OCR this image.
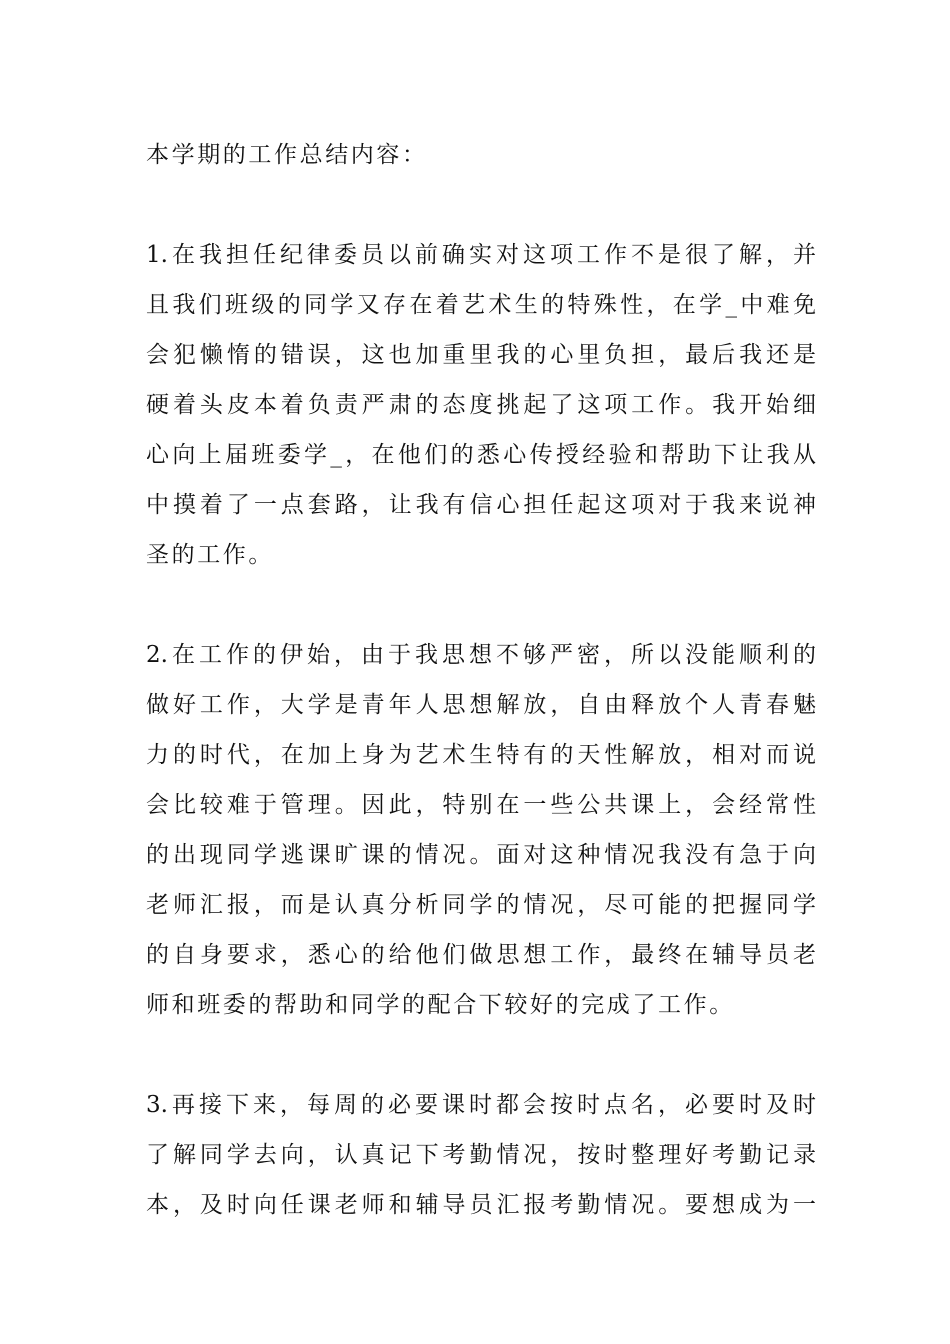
本学期的工作总结内容：
1.在我担任纪律委员以前确实对这项工作不是很了解，并
且我们班级的同学又存在着艺术生的特殊性，在学_中难免
会犯懒惰的错误，这也加重里我的心里负担，最后我还是
硬着头皮本着负责严肃的态度挑起了这项工作。我开始细
心向上届班委学_，在他们的悉心传授经验和帮助下让我从
中摸着了一点套路，让我有信心担任起这项对于我来说神
圣的工作。
2.在工作的伊始，由于我思想不够严密，所以没能顺利的
做好工作，大学是青年人思想解放，自由释放个人青春魅
力的时代，在加上身为艺术生特有的天性解放，相对而说
会比较难于管理。因此，特别在一些公共课上，会经常性
的出现同学逃课旷课的情况。面对这种情况我没有急于向
老师汇报，而是认真分析同学的情况，尽可能的把握同学
的自身要求，悉心的给他们做思想工作，最终在辅导员老
师和班委的帮助和同学的配合下较好的完成了工作。
3.再接下来，每周的必要课时都会按时点名，必要时及时
了解同学去向，认真记下考勤情况，按时整理好考勤记录
本，及时向任课老师和辅导员汇报考勤情况。要想成为一
